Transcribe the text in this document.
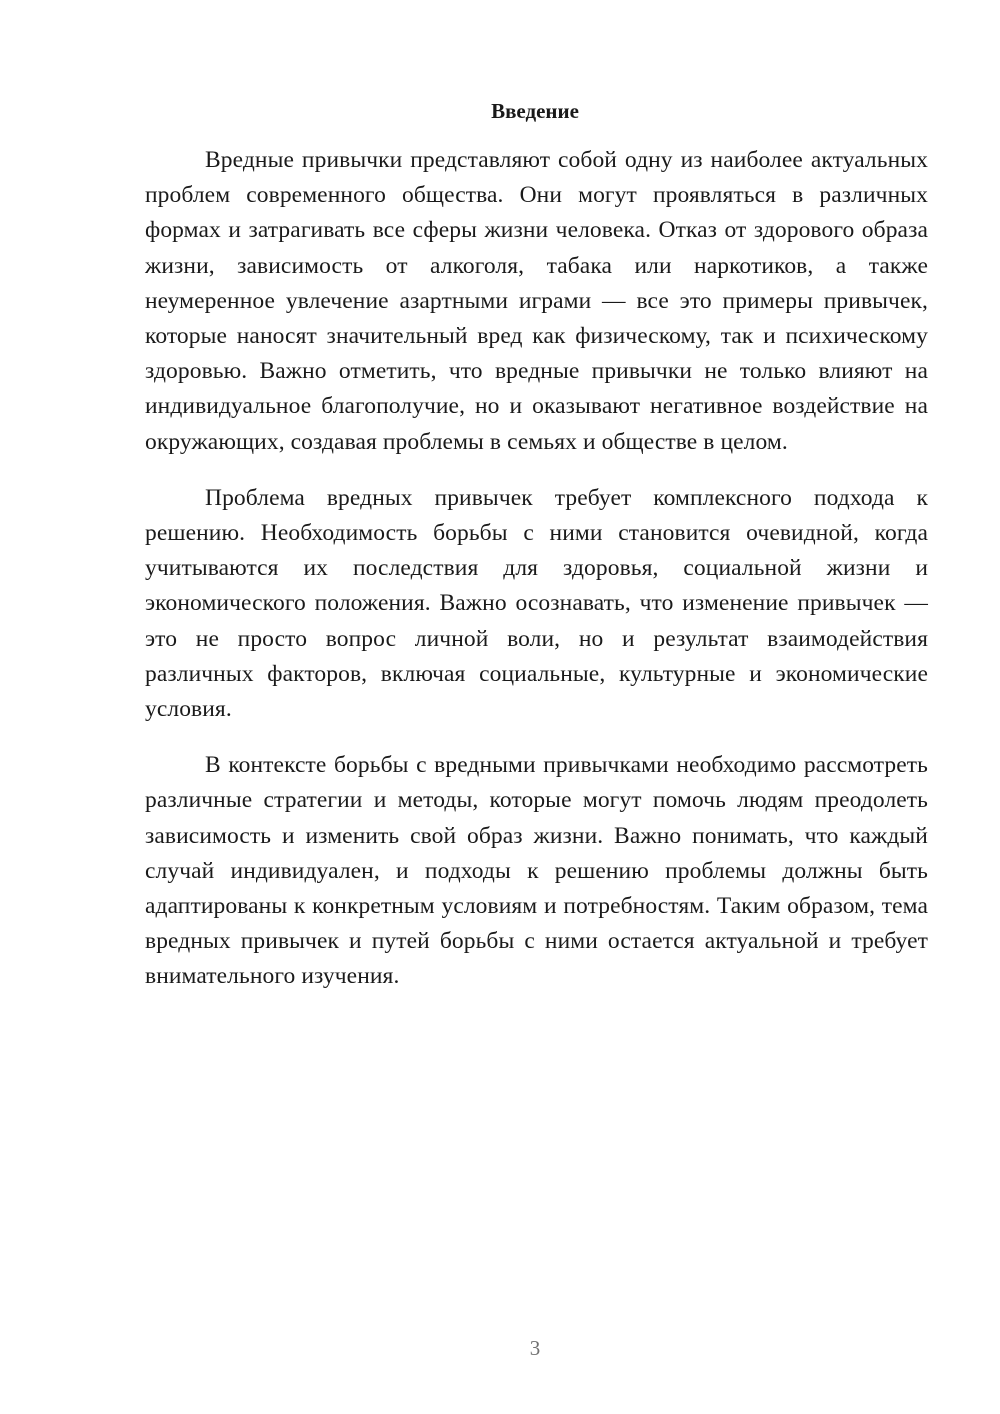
Введение

Вредные привычки представляют собой одну из наиболее актуальных проблем современного общества. Они могут проявляться в различных формах и затрагивать все сферы жизни человека. Отказ от здорового образа жизни, зависимость от алкоголя, табака или наркотиков, а также неумеренное увлечение азартными играми — все это примеры привычек, которые наносят значительный вред как физическому, так и психическому здоровью. Важно отметить, что вредные привычки не только влияют на индивидуальное благополучие, но и оказывают негативное воздействие на окружающих, создавая проблемы в семьях и обществе в целом.

Проблема вредных привычек требует комплексного подхода к решению. Необходимость борьбы с ними становится очевидной, когда учитываются их последствия для здоровья, социальной жизни и экономического положения. Важно осознавать, что изменение привычек — это не просто вопрос личной воли, но и результат взаимодействия различных факторов, включая социальные, культурные и экономические условия.

В контексте борьбы с вредными привычками необходимо рассмотреть различные стратегии и методы, которые могут помочь людям преодолеть зависимость и изменить свой образ жизни. Важно понимать, что каждый случай индивидуален, и подходы к решению проблемы должны быть адаптированы к конкретным условиям и потребностям. Таким образом, тема вредных привычек и путей борьбы с ними остается актуальной и требует внимательного изучения.

3
